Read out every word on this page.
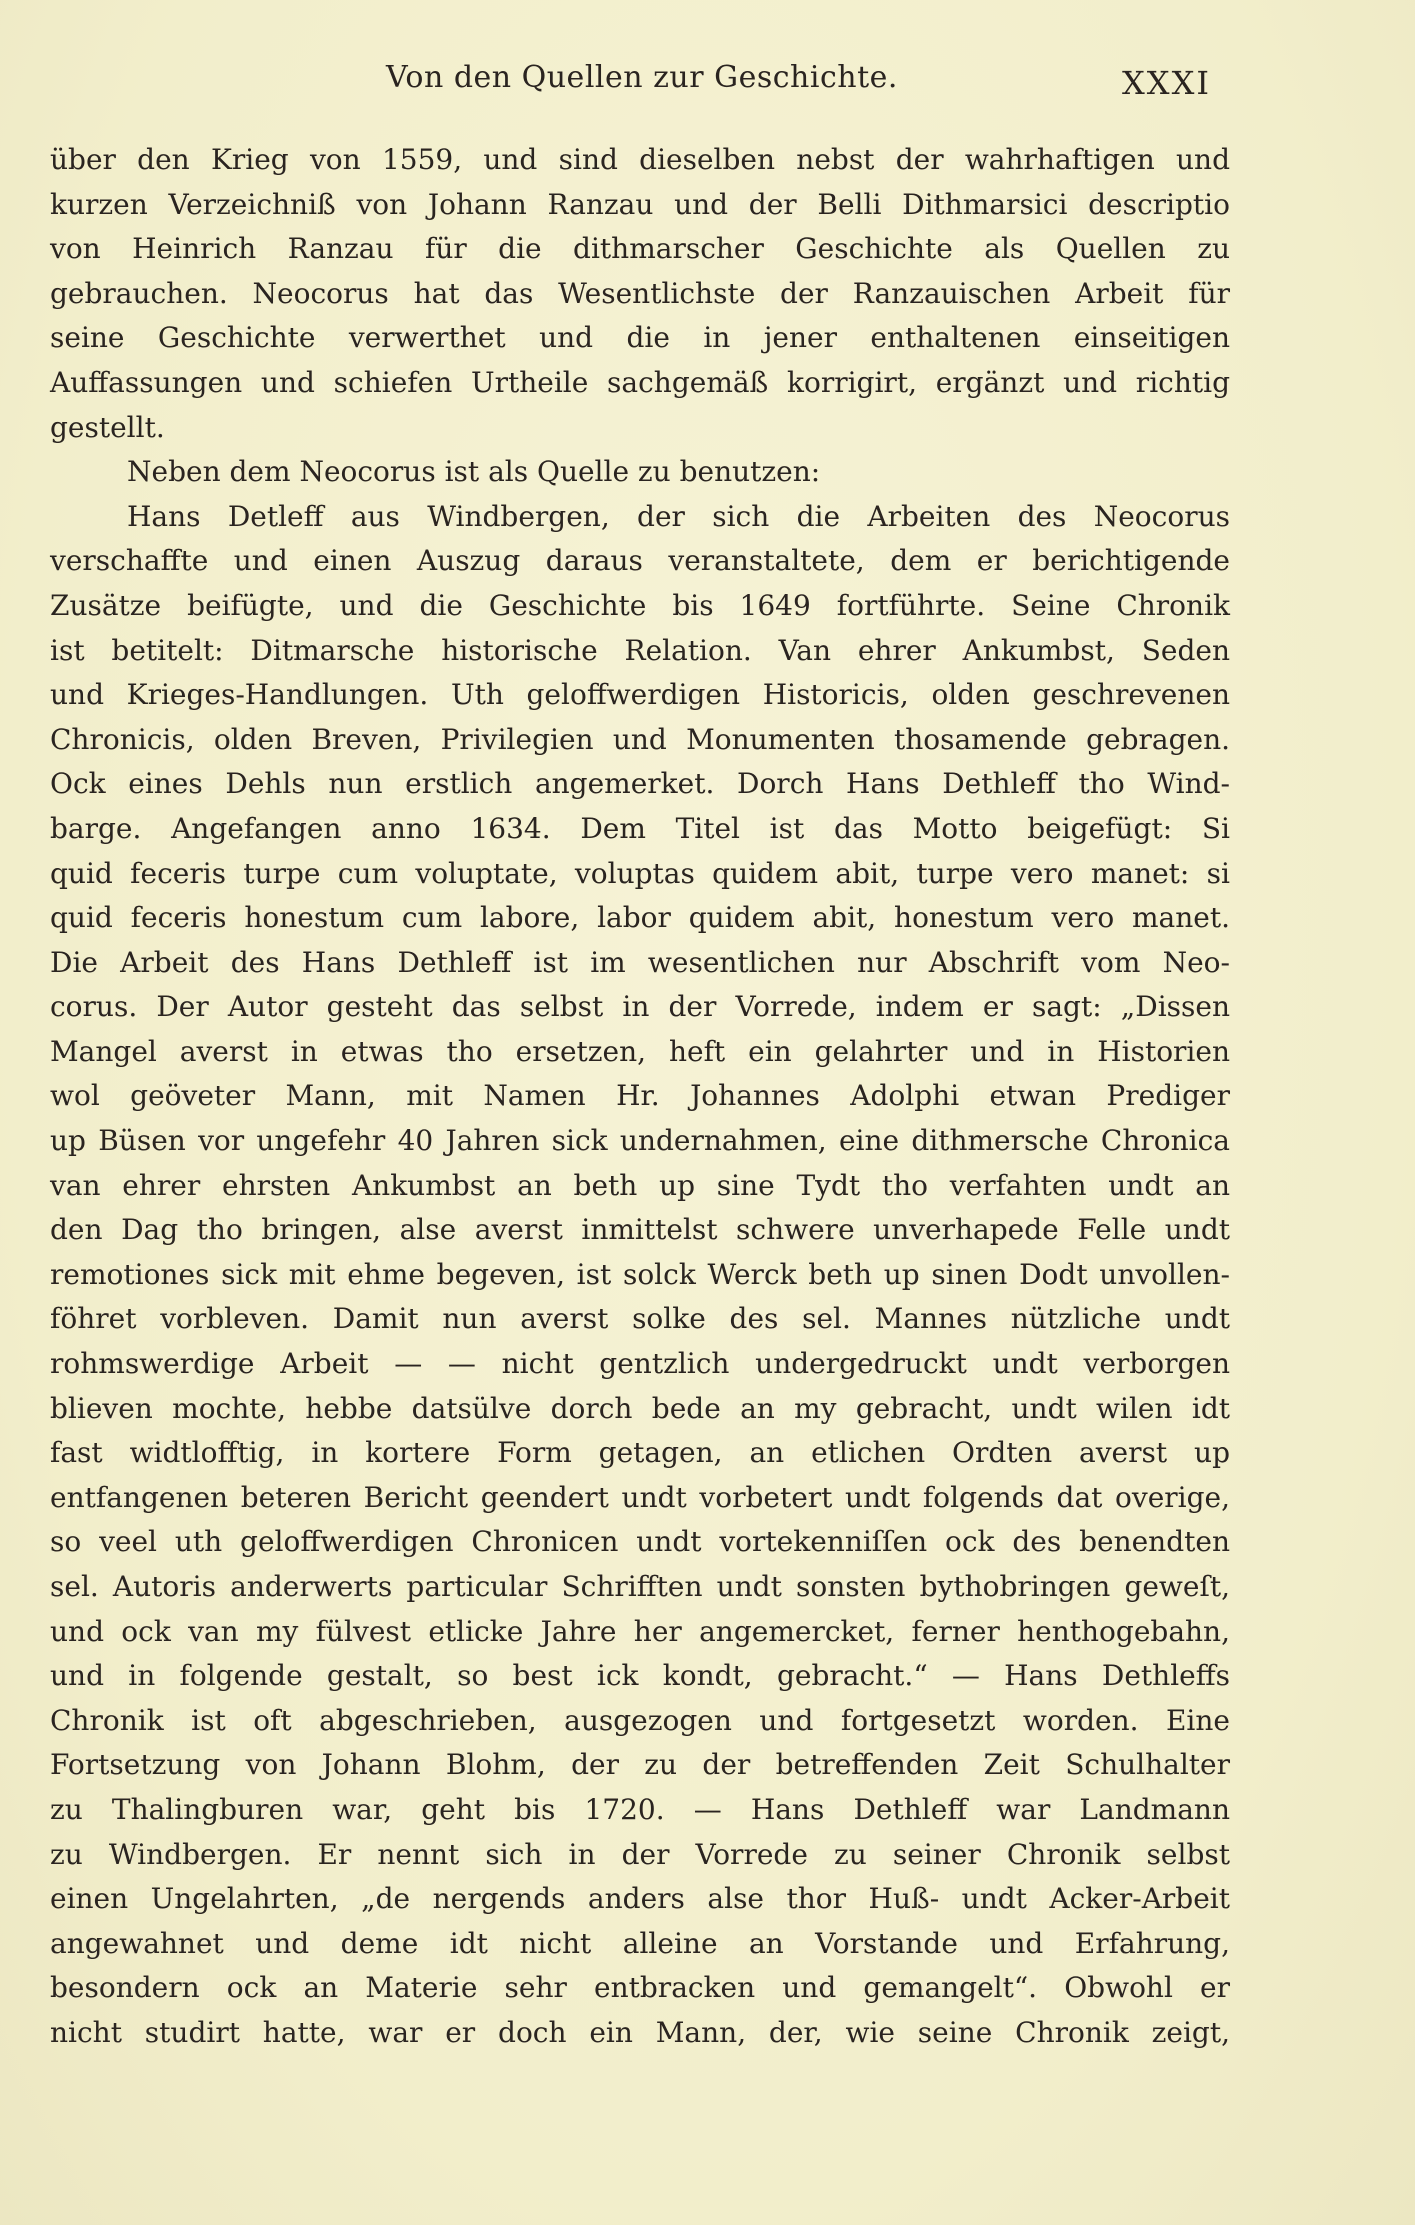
Von den Quellen zur Geschichte.	XXXI
über den Krieg von 1559, und sind dieselben nebst der wahrhaftigen und
kurzen Verzeichniß von Johann Ranzau und der Belli Dithmarsici descriptio
von Heinrich Ranzau für die dithmarscher Geschichte als Quellen zu
gebrauchen. Neocorus hat das Wesentlichste der Ranzauischen Arbeit für
seine Geschichte verwerthet und die in jener enthaltenen einseitigen
Auffassungen und schiefen Urtheile sachgemäß korrigirt, ergänzt und richtig
gestellt.
Neben dem Neocorus ist als Quelle zu benutzen:
Hans Detleff aus Windbergen, der sich die Arbeiten des Neocorus
verschaffte und einen Auszug daraus veranstaltete, dem er berichtigende
Zusätze beifügte, und die Geschichte bis 1649 fortführte. Seine Chronik
ist betitelt: Ditmarsche historische Relation. Van ehrer Ankumbst, Seden
und Krieges-Handlungen. Uth geloffwerdigen Historicis, olden geschrevenen
Chronicis, olden Breven, Privilegien und Monumenten thosamende gebragen.
Ock eines Dehls nun erstlich angemerket. Dorch Hans Dethleff tho Wind-
barge. Angefangen anno 1634. Dem Titel ist das Motto beigefügt: Si
quid feceris turpe cum voluptate, voluptas quidem abit, turpe vero manet: si
quid feceris honestum cum labore, labor quidem abit, honestum vero manet.
Die Arbeit des Hans Dethleff ist im wesentlichen nur Abschrift vom Neo-
corus. Der Autor gesteht das selbst in der Vorrede, indem er sagt: „Dissen
Mangel averst in etwas tho ersetzen, heft ein gelahrter und in Historien
wol geöveter Mann, mit Namen Hr. Johannes Adolphi etwan Prediger
up Büsen vor ungefehr 40 Jahren sick undernahmen, eine dithmersche Chronica
van ehrer ehrsten Ankumbst an beth up sine Tydt tho verfahten undt an
den Dag tho bringen, alse averst inmittelst schwere unverhapede Felle undt
remotiones sick mit ehme begeven, ist solck Werck beth up sinen Dodt unvollen-
föhret vorbleven. Damit nun averst solke des sel. Mannes nützliche undt
rohmswerdige Arbeit — — nicht gentzlich undergedruckt undt verborgen
blieven mochte, hebbe datsülve dorch bede an my gebracht, undt wilen idt
fast widtlofftig, in kortere Form getagen, an etlichen Ordten averst up
entfangenen beteren Bericht geendert undt vorbetert undt folgends dat overige,
so veel uth geloffwerdigen Chronicen undt vortekenniſſen ock des benendten
sel. Autoris anderwerts particular Schrifften undt sonsten bythobringen geweſt,
und ock van my fülvest etlicke Jahre her angemercket, ferner henthogebahn,
und in folgende gestalt, so best ick kondt, gebracht.“ — Hans Dethleffs
Chronik ist oft abgeschrieben, ausgezogen und fortgesetzt worden. Eine
Fortsetzung von Johann Blohm, der zu der betreffenden Zeit Schulhalter
zu Thalingburen war, geht bis 1720. — Hans Dethleff war Landmann
zu Windbergen. Er nennt sich in der Vorrede zu seiner Chronik selbst
einen Ungelahrten, „de nergends anders alse thor Huß- undt Acker-Arbeit
angewahnet und deme idt nicht alleine an Vorstande und Erfahrung,
besondern ock an Materie sehr entbracken und gemangelt“. Obwohl er
nicht studirt hatte, war er doch ein Mann, der, wie seine Chronik zeigt,
